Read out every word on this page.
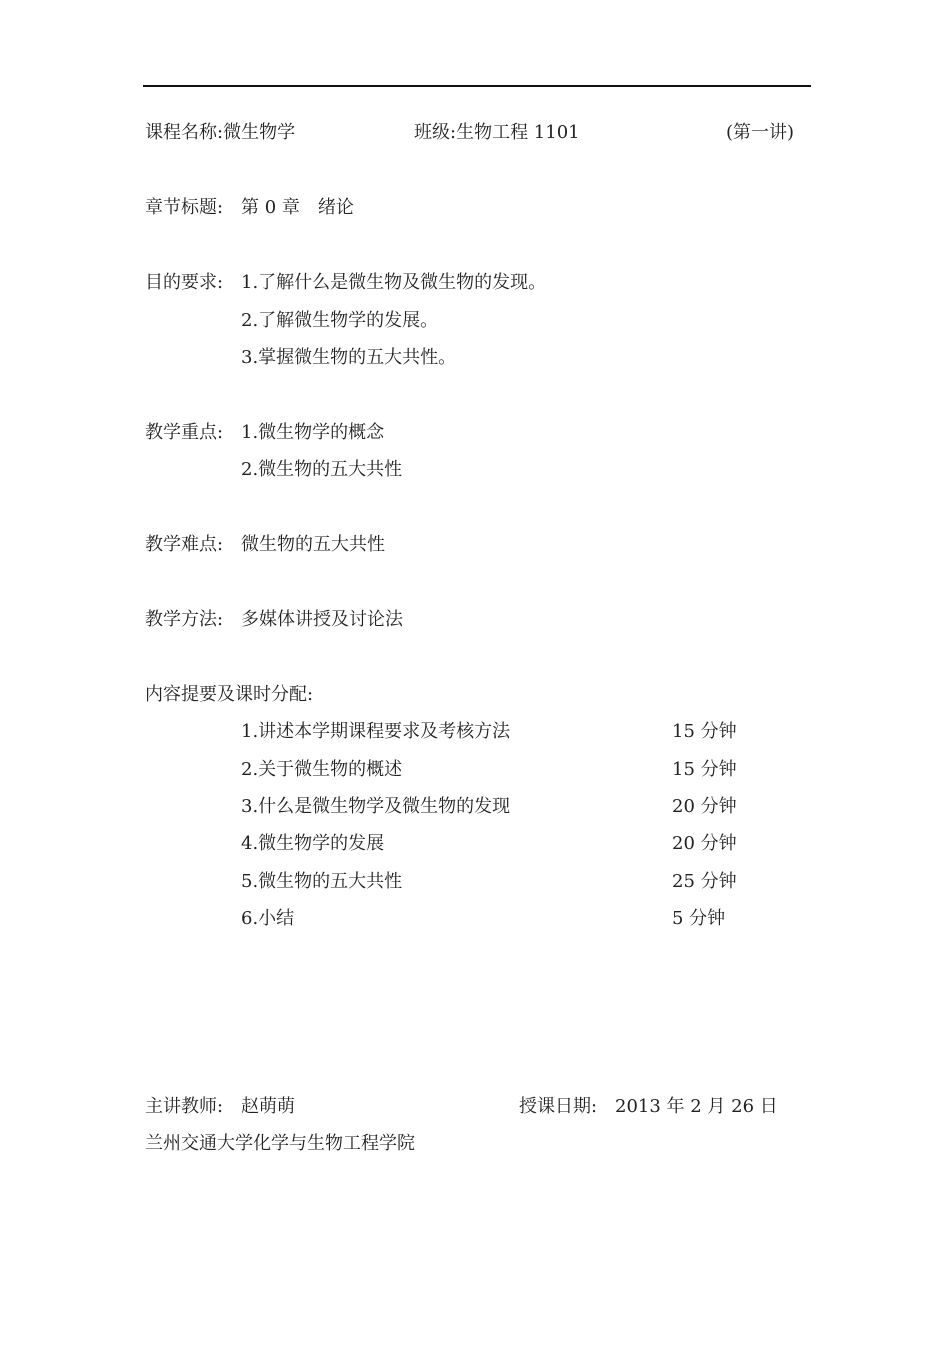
课程名称:微生物学	班级:生物工程 1101	(第一讲)
章节标题: 第 0 章　绪论
目的要求: 1.了解什么是微生物及微生物的发现。
2.了解微生物学的发展。
3.掌握微生物的五大共性。
教学重点: 1.微生物学的概念
2.微生物的五大共性
教学难点: 微生物的五大共性
教学方法: 多媒体讲授及讨论法
内容提要及课时分配:
1.讲述本学期课程要求及考核方法	15 分钟
2.关于微生物的概述	15 分钟
3.什么是微生物学及微生物的发现	20 分钟
4.微生物学的发展	20 分钟
5.微生物的五大共性	25 分钟
6.小结	5 分钟
主讲教师: 赵萌萌	授课日期: 2013 年 2 月 26 日
兰州交通大学化学与生物工程学院
